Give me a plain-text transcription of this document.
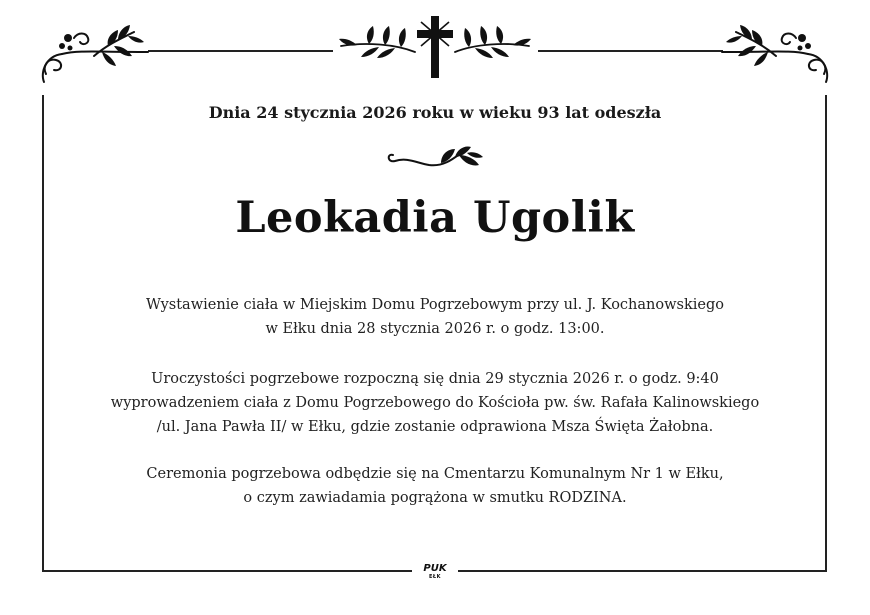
Dnia 24 stycznia 2026 roku w wieku 93 lat odeszła
Leokadia Ugolik
Wystawienie ciała w Miejskim Domu Pogrzebowym przy ul. J. Kochanowskiego
w Ełku dnia 28 stycznia 2026 r. o godz. 13:00.
Uroczystości pogrzebowe rozpoczną się dnia 29 stycznia 2026 r. o godz. 9:40
wyprowadzeniem ciała z Domu Pogrzebowego do Kościoła pw. św. Rafała Kalinowskiego
/ul. Jana Pawła II/ w Ełku, gdzie zostanie odprawiona Msza Święta Żałobna.
Ceremonia pogrzebowa odbędzie się na Cmentarzu Komunalnym Nr 1 w Ełku,
o czym zawiadamia pogrążona w smutku RODZINA.
PUK
EŁK
